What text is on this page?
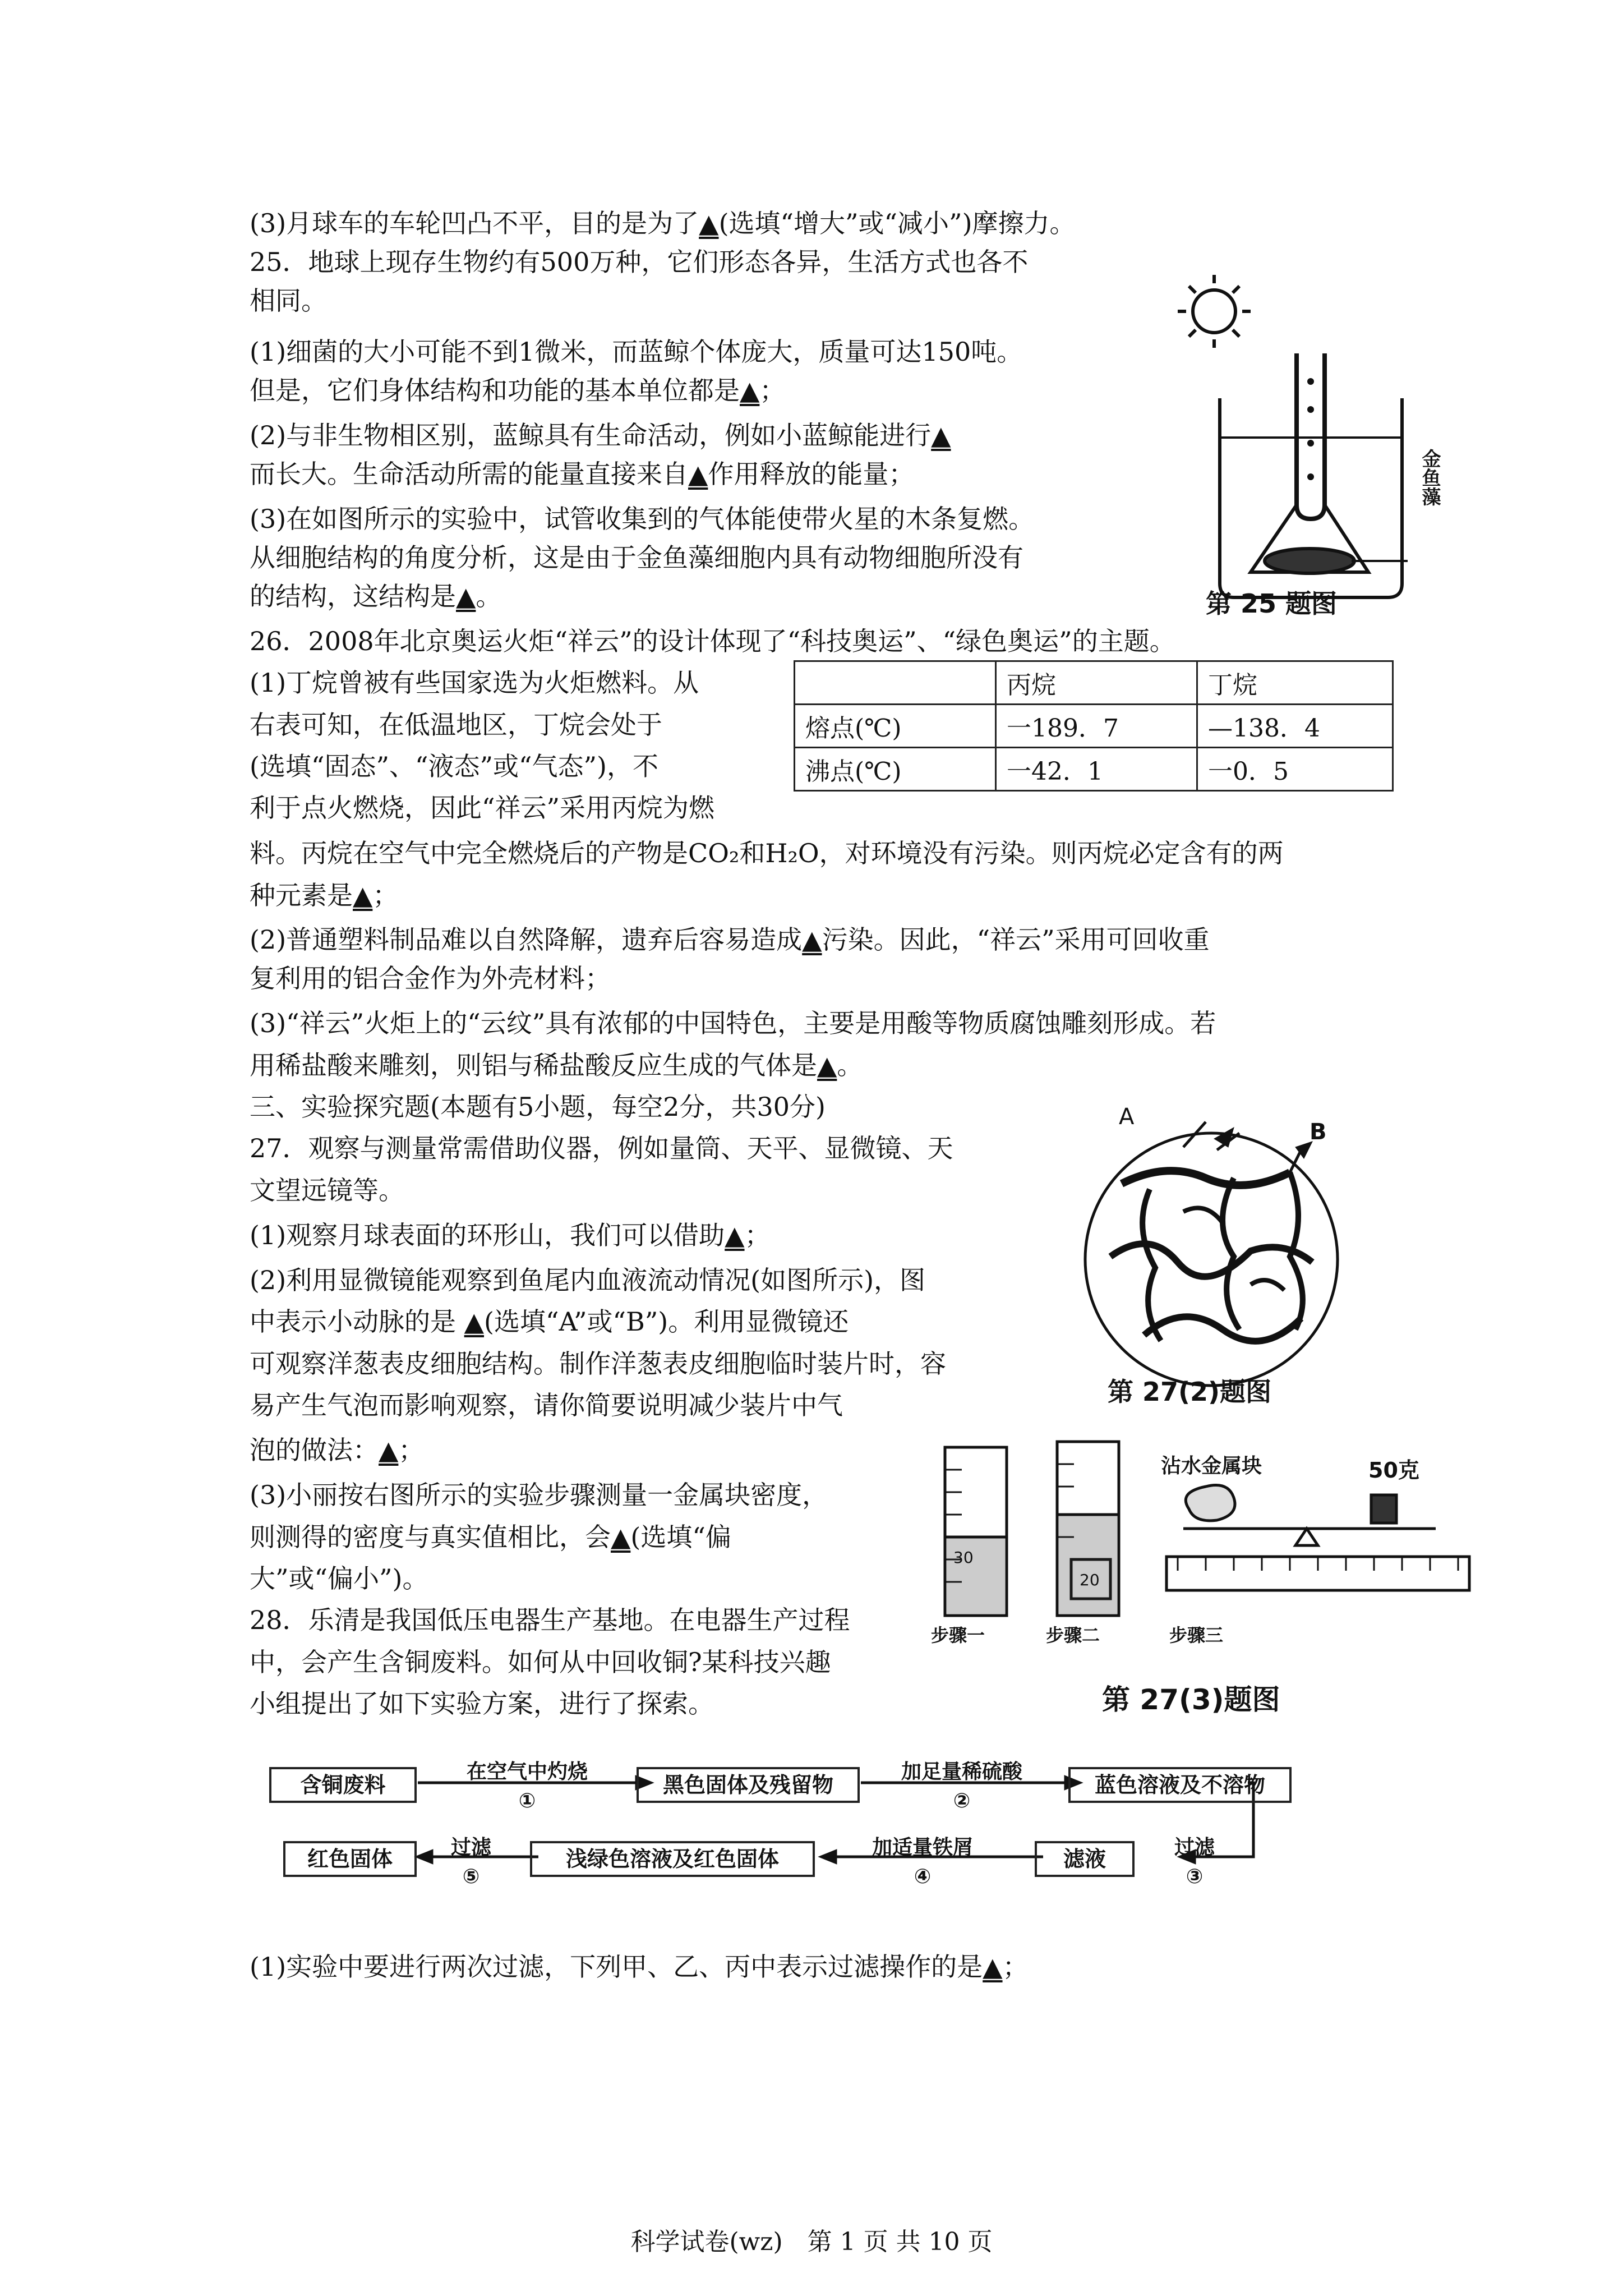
(3)月球车的车轮凹凸不平，目的是为了▲(选填“增大”或“减小”)摩擦力。
25．地球上现存生物约有500万种，它们形态各异，生活方式也各不
相同。
(1)细菌的大小可能不到1微米，而蓝鲸个体庞大，质量可达150吨。
但是，它们身体结构和功能的基本单位都是▲；
(2)与非生物相区别，蓝鲸具有生命活动，例如小蓝鲸能进行▲
而长大。生命活动所需的能量直接来自▲作用释放的能量；
(3)在如图所示的实验中，试管收集到的气体能使带火星的木条复燃。
从细胞结构的角度分析，这是由于金鱼藻细胞内具有动物细胞所没有
的结构，这结构是▲。
26．2008年北京奥运火炬“祥云”的设计体现了“科技奥运”、“绿色奥运”的主题。
(1)丁烷曾被有些国家选为火炬燃料。从
右表可知，在低温地区，丁烷会处于
(选填“固态”、“液态”或“气态”)，不
利于点火燃烧，因此“祥云”采用丙烷为燃
料。丙烷在空气中完全燃烧后的产物是CO₂和H₂O，对环境没有污染。则丙烷必定含有的两
种元素是▲；
(2)普通塑料制品难以自然降解，遗弃后容易造成▲污染。因此，“祥云”采用可回收重
复利用的铝合金作为外壳材料；
(3)“祥云”火炬上的“云纹”具有浓郁的中国特色，主要是用酸等物质腐蚀雕刻形成。若
用稀盐酸来雕刻，则铝与稀盐酸反应生成的气体是▲。
三、实验探究题(本题有5小题，每空2分，共30分)
27．观察与测量常需借助仪器，例如量筒、天平、显微镜、天
文望远镜等。
(1)观察月球表面的环形山，我们可以借助▲；
(2)利用显微镜能观察到鱼尾内血液流动情况(如图所示)，图
中表示小动脉的是 ▲(选填“A”或“B”)。利用显微镜还
可观察洋葱表皮细胞结构。制作洋葱表皮细胞临时装片时，容
易产生气泡而影响观察，请你简要说明减少装片中气
泡的做法：▲；
(3)小丽按右图所示的实验步骤测量一金属块密度，
则测得的密度与真实值相比，会▲(选填“偏
大”或“偏小”)。
28．乐清是我国低压电器生产基地。在电器生产过程
中，会产生含铜废料。如何从中回收铜?某科技兴趣
小组提出了如下实验方案，进行了探索。
(1)实验中要进行两次过滤，下列甲、乙、丙中表示过滤操作的是▲；
金鱼藻
第 25 题图
	丙烷	丁烷
熔点(℃)	一189．7	—138．4
沸点(℃)	一42．1	一0．5
A
B
第 27(2)题图
30
20
沾水金属块	50克
步骤一	步骤二	步骤三
第 27(3)题图
含铜废料	黑色固体及残留物	蓝色溶液及不溶物
滤液
浅绿色溶液及红色固体
红色固体
在空气中灼烧
①
加足量稀硫酸
②
过滤
③
加适量铁屑
④
过滤
⑤
科学试卷(wz)　第 1 页 共 10 页
